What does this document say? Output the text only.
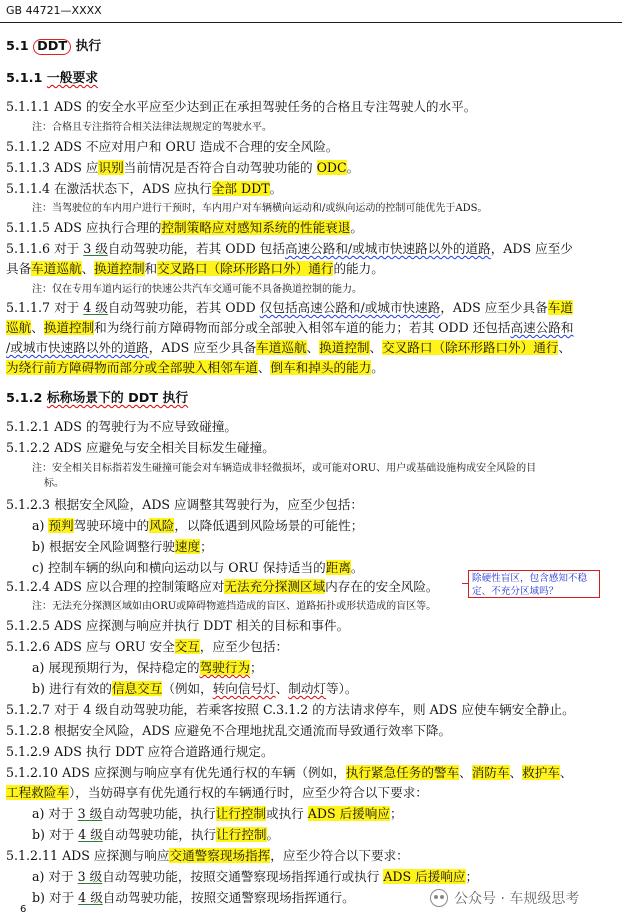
GB 44721—XXXX
5.1 DDT 执行
5.1.1 一般要求
5.1.1.1 ADS 的安全水平应至少达到正在承担驾驶任务的合格且专注驾驶人的水平。
注：合格且专注指符合相关法律法规规定的驾驶水平。
5.1.1.2 ADS 不应对用户和 ORU 造成不合理的安全风险。
5.1.1.3 ADS 应识别当前情况是否符合自动驾驶功能的 ODC。
5.1.1.4 在激活状态下，ADS 应执行全部 DDT。
注：当驾驶位的车内用户进行干预时，车内用户对车辆横向运动和/或纵向运动的控制可能优先于ADS。
5.1.1.5 ADS 应执行合理的控制策略应对感知系统的性能衰退。
5.1.1.6 对于 3 级自动驾驶功能，若其 ODD 包括高速公路和/或城市快速路以外的道路，ADS 应至少
具备车道巡航、换道控制和交叉路口（除环形路口外）通行的能力。
注：仅在专用车道内运行的快速公共汽车交通可能不具备换道控制的能力。
5.1.1.7 对于 4 级自动驾驶功能，若其 ODD 仅包括高速公路和/或城市快速路，ADS 应至少具备车道
巡航、换道控制和为绕行前方障碍物而部分或全部驶入相邻车道的能力；若其 ODD 还包括高速公路和
/或城市快速路以外的道路，ADS 应至少具备车道巡航、换道控制、交叉路口（除环形路口外）通行、
为绕行前方障碍物而部分或全部驶入相邻车道、倒车和掉头的能力。
5.1.2 标称场景下的 DDT 执行
5.1.2.1 ADS 的驾驶行为不应导致碰撞。
5.1.2.2 ADS 应避免与安全相关目标发生碰撞。
注：安全相关目标指若发生碰撞可能会对车辆造成非轻微损坏，或可能对ORU、用户或基础设施构成安全风险的目
标。
5.1.2.3 根据安全风险，ADS 应调整其驾驶行为，应至少包括：
a) 预判驾驶环境中的风险，以降低遇到风险场景的可能性；
b) 根据安全风险调整行驶速度；
c) 控制车辆的纵向和横向运动以与 ORU 保持适当的距离。
5.1.2.4 ADS 应以合理的控制策略应对无法充分探测区域内存在的安全风险。
注：无法充分探测区域如由ORU或障碍物遮挡造成的盲区、道路拓扑或形状造成的盲区等。
5.1.2.5 ADS 应探测与响应并执行 DDT 相关的目标和事件。
5.1.2.6 ADS 应与 ORU 安全交互，应至少包括：
a) 展现预期行为，保持稳定的驾驶行为；
b) 进行有效的信息交互（例如，转向信号灯、制动灯等）。
5.1.2.7 对于 4 级自动驾驶功能，若乘客按照 C.3.1.2 的方法请求停车，则 ADS 应使车辆安全静止。
5.1.2.8 根据安全风险，ADS 应避免不合理地扰乱交通流而导致通行效率下降。
5.1.2.9 ADS 执行 DDT 应符合道路通行规定。
5.1.2.10 ADS 应探测与响应享有优先通行权的车辆（例如，执行紧急任务的警车、消防车、救护车、
工程救险车），当妨碍享有优先通行权的车辆通行时，应至少符合以下要求：
a) 对于 3 级自动驾驶功能，执行让行控制或执行 ADS 后援响应；
b) 对于 4 级自动驾驶功能，执行让行控制。
5.1.2.11 ADS 应探测与响应交通警察现场指挥，应至少符合以下要求：
a) 对于 3 级自动驾驶功能，按照交通警察现场指挥通行或执行 ADS 后援响应；
b) 对于 4 级自动驾驶功能，按照交通警察现场指挥通行。
除硬性盲区，包含感知不稳定、不充分区域吗？
6
公众号 · 车规级思考
